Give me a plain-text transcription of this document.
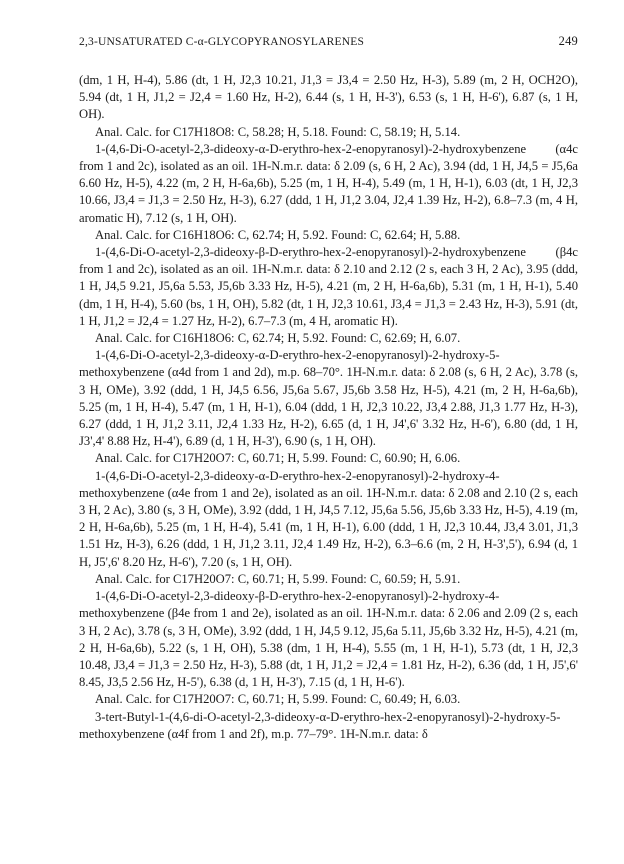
2,3-UNSATURATED C-α-GLYCOPYRANOSYLARENES	249

(dm, 1 H, H-4), 5.86 (dt, 1 H, J2,3 10.21, J1,3 = J3,4 = 2.50 Hz, H-3), 5.89 (m, 2 H, OCH2O), 5.94 (dt, 1 H, J1,2 = J2,4 = 1.60 Hz, H-2), 6.44 (s, 1 H, H-3'), 6.53 (s, 1 H, H-6'), 6.87 (s, 1 H, OH).

Anal. Calc. for C17H18O8: C, 58.28; H, 5.18. Found: C, 58.19; H, 5.14.

1-(4,6-Di-O-acetyl-2,3-dideoxy-α-D-erythro-hex-2-enopyranosyl)-2-hydroxybenzene (α4c from 1 and 2c), isolated as an oil. 1H-N.m.r. data: δ 2.09 (s, 6 H, 2 Ac), 3.94 (dd, 1 H, J4,5 = J5,6a 6.60 Hz, H-5), 4.22 (m, 2 H, H-6a,6b), 5.25 (m, 1 H, H-4), 5.49 (m, 1 H, H-1), 6.03 (dt, 1 H, J2,3 10.66, J3,4 = J1,3 = 2.50 Hz, H-3), 6.27 (ddd, 1 H, J1,2 3.04, J2,4 1.39 Hz, H-2), 6.8–7.3 (m, 4 H, aromatic H), 7.12 (s, 1 H, OH).

Anal. Calc. for C16H18O6: C, 62.74; H, 5.92. Found: C, 62.64; H, 5.88.

1-(4,6-Di-O-acetyl-2,3-dideoxy-β-D-erythro-hex-2-enopyranosyl)-2-hydroxybenzene (β4c from 1 and 2c), isolated as an oil. 1H-N.m.r. data: δ 2.10 and 2.12 (2 s, each 3 H, 2 Ac), 3.95 (ddd, 1 H, J4,5 9.21, J5,6a 5.53, J5,6b 3.33 Hz, H-5), 4.21 (m, 2 H, H-6a,6b), 5.31 (m, 1 H, H-1), 5.40 (dm, 1 H, H-4), 5.60 (bs, 1 H, OH), 5.82 (dt, 1 H, J2,3 10.61, J3,4 = J1,3 = 2.43 Hz, H-3), 5.91 (dt, 1 H, J1,2 = J2,4 = 1.27 Hz, H-2), 6.7–7.3 (m, 4 H, aromatic H).

Anal. Calc. for C16H18O6: C, 62.74; H, 5.92. Found: C, 62.69; H, 6.07.

1-(4,6-Di-O-acetyl-2,3-dideoxy-α-D-erythro-hex-2-enopyranosyl)-2-hydroxy-5-methoxybenzene (α4d from 1 and 2d), m.p. 68–70°. 1H-N.m.r. data: δ 2.08 (s, 6 H, 2 Ac), 3.78 (s, 3 H, OMe), 3.92 (ddd, 1 H, J4,5 6.56, J5,6a 5.67, J5,6b 3.58 Hz, H-5), 4.21 (m, 2 H, H-6a,6b), 5.25 (m, 1 H, H-4), 5.47 (m, 1 H, H-1), 6.04 (ddd, 1 H, J2,3 10.22, J3,4 2.88, J1,3 1.77 Hz, H-3), 6.27 (ddd, 1 H, J1,2 3.11, J2,4 1.33 Hz, H-2), 6.65 (d, 1 H, J4',6' 3.32 Hz, H-6'), 6.80 (dd, 1 H, J3',4' 8.88 Hz, H-4'), 6.89 (d, 1 H, H-3'), 6.90 (s, 1 H, OH).

Anal. Calc. for C17H20O7: C, 60.71; H, 5.99. Found: C, 60.90; H, 6.06.

1-(4,6-Di-O-acetyl-2,3-dideoxy-α-D-erythro-hex-2-enopyranosyl)-2-hydroxy-4-methoxybenzene (α4e from 1 and 2e), isolated as an oil. 1H-N.m.r. data: δ 2.08 and 2.10 (2 s, each 3 H, 2 Ac), 3.80 (s, 3 H, OMe), 3.92 (ddd, 1 H, J4,5 7.12, J5,6a 5.56, J5,6b 3.33 Hz, H-5), 4.19 (m, 2 H, H-6a,6b), 5.25 (m, 1 H, H-4), 5.41 (m, 1 H, H-1), 6.00 (ddd, 1 H, J2,3 10.44, J3,4 3.01, J1,3 1.51 Hz, H-3), 6.26 (ddd, 1 H, J1,2 3.11, J2,4 1.49 Hz, H-2), 6.3–6.6 (m, 2 H, H-3',5'), 6.94 (d, 1 H, J5',6' 8.20 Hz, H-6'), 7.20 (s, 1 H, OH).

Anal. Calc. for C17H20O7: C, 60.71; H, 5.99. Found: C, 60.59; H, 5.91.

1-(4,6-Di-O-acetyl-2,3-dideoxy-β-D-erythro-hex-2-enopyranosyl)-2-hydroxy-4-methoxybenzene (β4e from 1 and 2e), isolated as an oil. 1H-N.m.r. data: δ 2.06 and 2.09 (2 s, each 3 H, 2 Ac), 3.78 (s, 3 H, OMe), 3.92 (ddd, 1 H, J4,5 9.12, J5,6a 5.11, J5,6b 3.32 Hz, H-5), 4.21 (m, 2 H, H-6a,6b), 5.22 (s, 1 H, OH), 5.38 (dm, 1 H, H-4), 5.55 (m, 1 H, H-1), 5.73 (dt, 1 H, J2,3 10.48, J3,4 = J1,3 = 2.50 Hz, H-3), 5.88 (dt, 1 H, J1,2 = J2,4 = 1.81 Hz, H-2), 6.36 (dd, 1 H, J5',6' 8.45, J3,5 2.56 Hz, H-5'), 6.38 (d, 1 H, H-3'), 7.15 (d, 1 H, H-6').

Anal. Calc. for C17H20O7: C, 60.71; H, 5.99. Found: C, 60.49; H, 6.03.

3-tert-Butyl-1-(4,6-di-O-acetyl-2,3-dideoxy-α-D-erythro-hex-2-enopyranosyl)-2-hydroxy-5-methoxybenzene (α4f from 1 and 2f), m.p. 77–79°. 1H-N.m.r. data: δ
